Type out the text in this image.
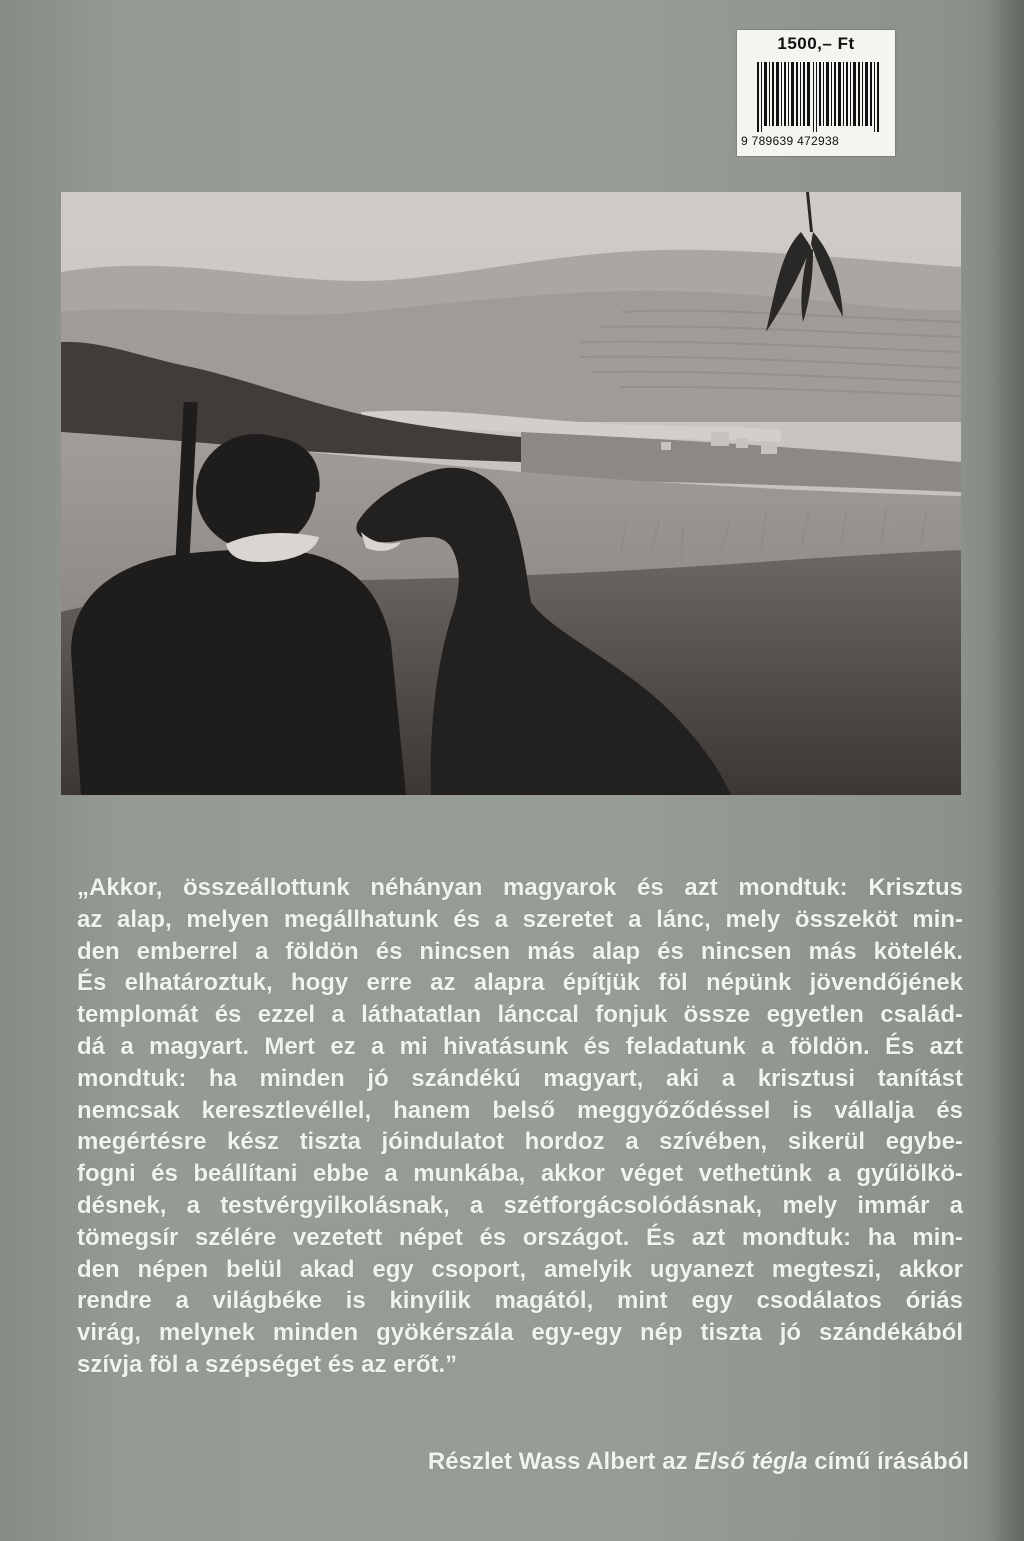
1500,– Ft
9 789639 472938

„Akkor, összeállottunk néhányan magyarok és azt mondtuk: Krisztus
az alap, melyen megállhatunk és a szeretet a lánc, mely összeköt min-
den emberrel a földön és nincsen más alap és nincsen más kötelék.
És elhatároztuk, hogy erre az alapra építjük föl népünk jövendőjének
templomát és ezzel a láthatatlan lánccal fonjuk össze egyetlen család-
dá a magyart. Mert ez a mi hivatásunk és feladatunk a földön. És azt
mondtuk: ha minden jó szándékú magyart, aki a krisztusi tanítást
nemcsak keresztlevéllel, hanem belső meggyőződéssel is vállalja és
megértésre kész tiszta jóindulatot hordoz a szívében, sikerül egybe-
fogni és beállítani ebbe a munkába, akkor véget vethetünk a gyűlölkö-
désnek, a testvérgyilkolásnak, a szétforgácsolódásnak, mely immár a
tömegsír szélére vezetett népet és országot. És azt mondtuk: ha min-
den népen belül akad egy csoport, amelyik ugyanezt megteszi, akkor
rendre a világbéke is kinyílik magától, mint egy csodálatos óriás
virág, melynek minden gyökérszála egy-egy nép tiszta jó szándékából
szívja föl a szépséget és az erőt.”

Részlet Wass Albert az Első tégla című írásából
